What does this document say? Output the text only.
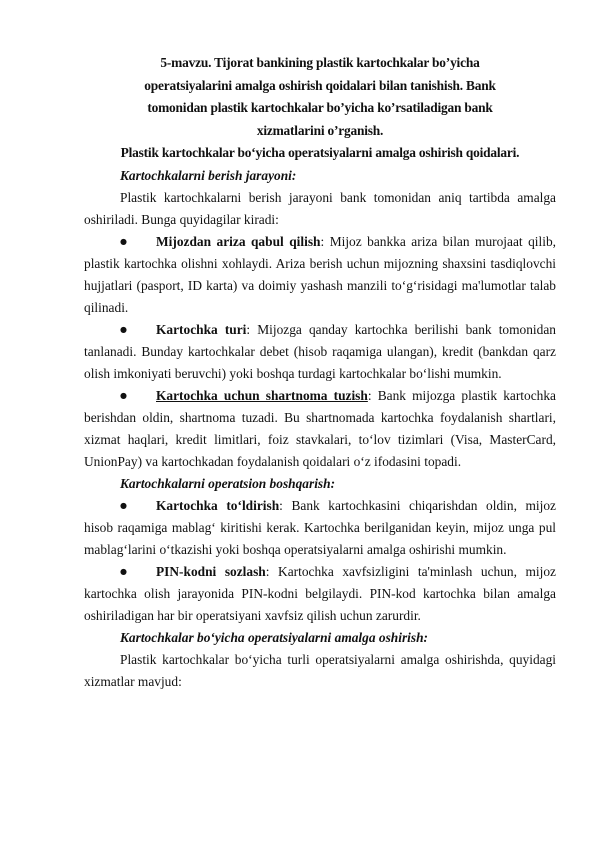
5-mavzu. Tijorat bankining plastik kartochkalar bo’yicha

operatsiyalarini amalga oshirish qoidalari bilan tanishish. Bank

tomonidan plastik kartochkalar bo’yicha ko’rsatiladigan bank

xizmatlarini o’rganish.

Plastik kartochkalar bo‘yicha operatsiyalarni amalga oshirish qoidalari.

Kartochkalarni berish jarayoni:

Plastik kartochkalarni berish jarayoni bank tomonidan aniq tartibda amalga oshiriladi. Bunga quyidagilar kiradi:

● Mijozdan ariza qabul qilish: Mijoz bankka ariza bilan murojaat qilib, plastik kartochka olishni xohlaydi. Ariza berish uchun mijozning shaxsini tasdiqlovchi hujjatlari (pasport, ID karta) va doimiy yashash manzili to‘g‘risidagi ma'lumotlar talab qilinadi.
● Kartochka turi: Mijozga qanday kartochka berilishi bank tomonidan tanlanadi. Bunday kartochkalar debet (hisob raqamiga ulangan), kredit (bankdan qarz olish imkoniyati beruvchi) yoki boshqa turdagi kartochkalar bo‘lishi mumkin.
● Kartochka uchun shartnoma tuzish: Bank mijozga plastik kartochka berishdan oldin, shartnoma tuzadi. Bu shartnomada kartochka foydalanish shartlari, xizmat haqlari, kredit limitlari, foiz stavkalari, to‘lov tizimlari (Visa, MasterCard, UnionPay) va kartochkadan foydalanish qoidalari o‘z ifodasini topadi.

Kartochkalarni operatsion boshqarish:

● Kartochka to‘ldirish: Bank kartochkasini chiqarishdan oldin, mijoz hisob raqamiga mablag‘ kiritishi kerak. Kartochka berilganidan keyin, mijoz unga pul mablag‘larini o‘tkazishi yoki boshqa operatsiyalarni amalga oshirishi mumkin.
● PIN-kodni sozlash: Kartochka xavfsizligini ta'minlash uchun, mijoz kartochka olish jarayonida PIN-kodni belgilaydi. PIN-kod kartochka bilan amalga oshiriladigan har bir operatsiyani xavfsiz qilish uchun zarurdir.

Kartochkalar bo‘yicha operatsiyalarni amalga oshirish:

Plastik kartochkalar bo‘yicha turli operatsiyalarni amalga oshirishda, quyidagi xizmatlar mavjud:
